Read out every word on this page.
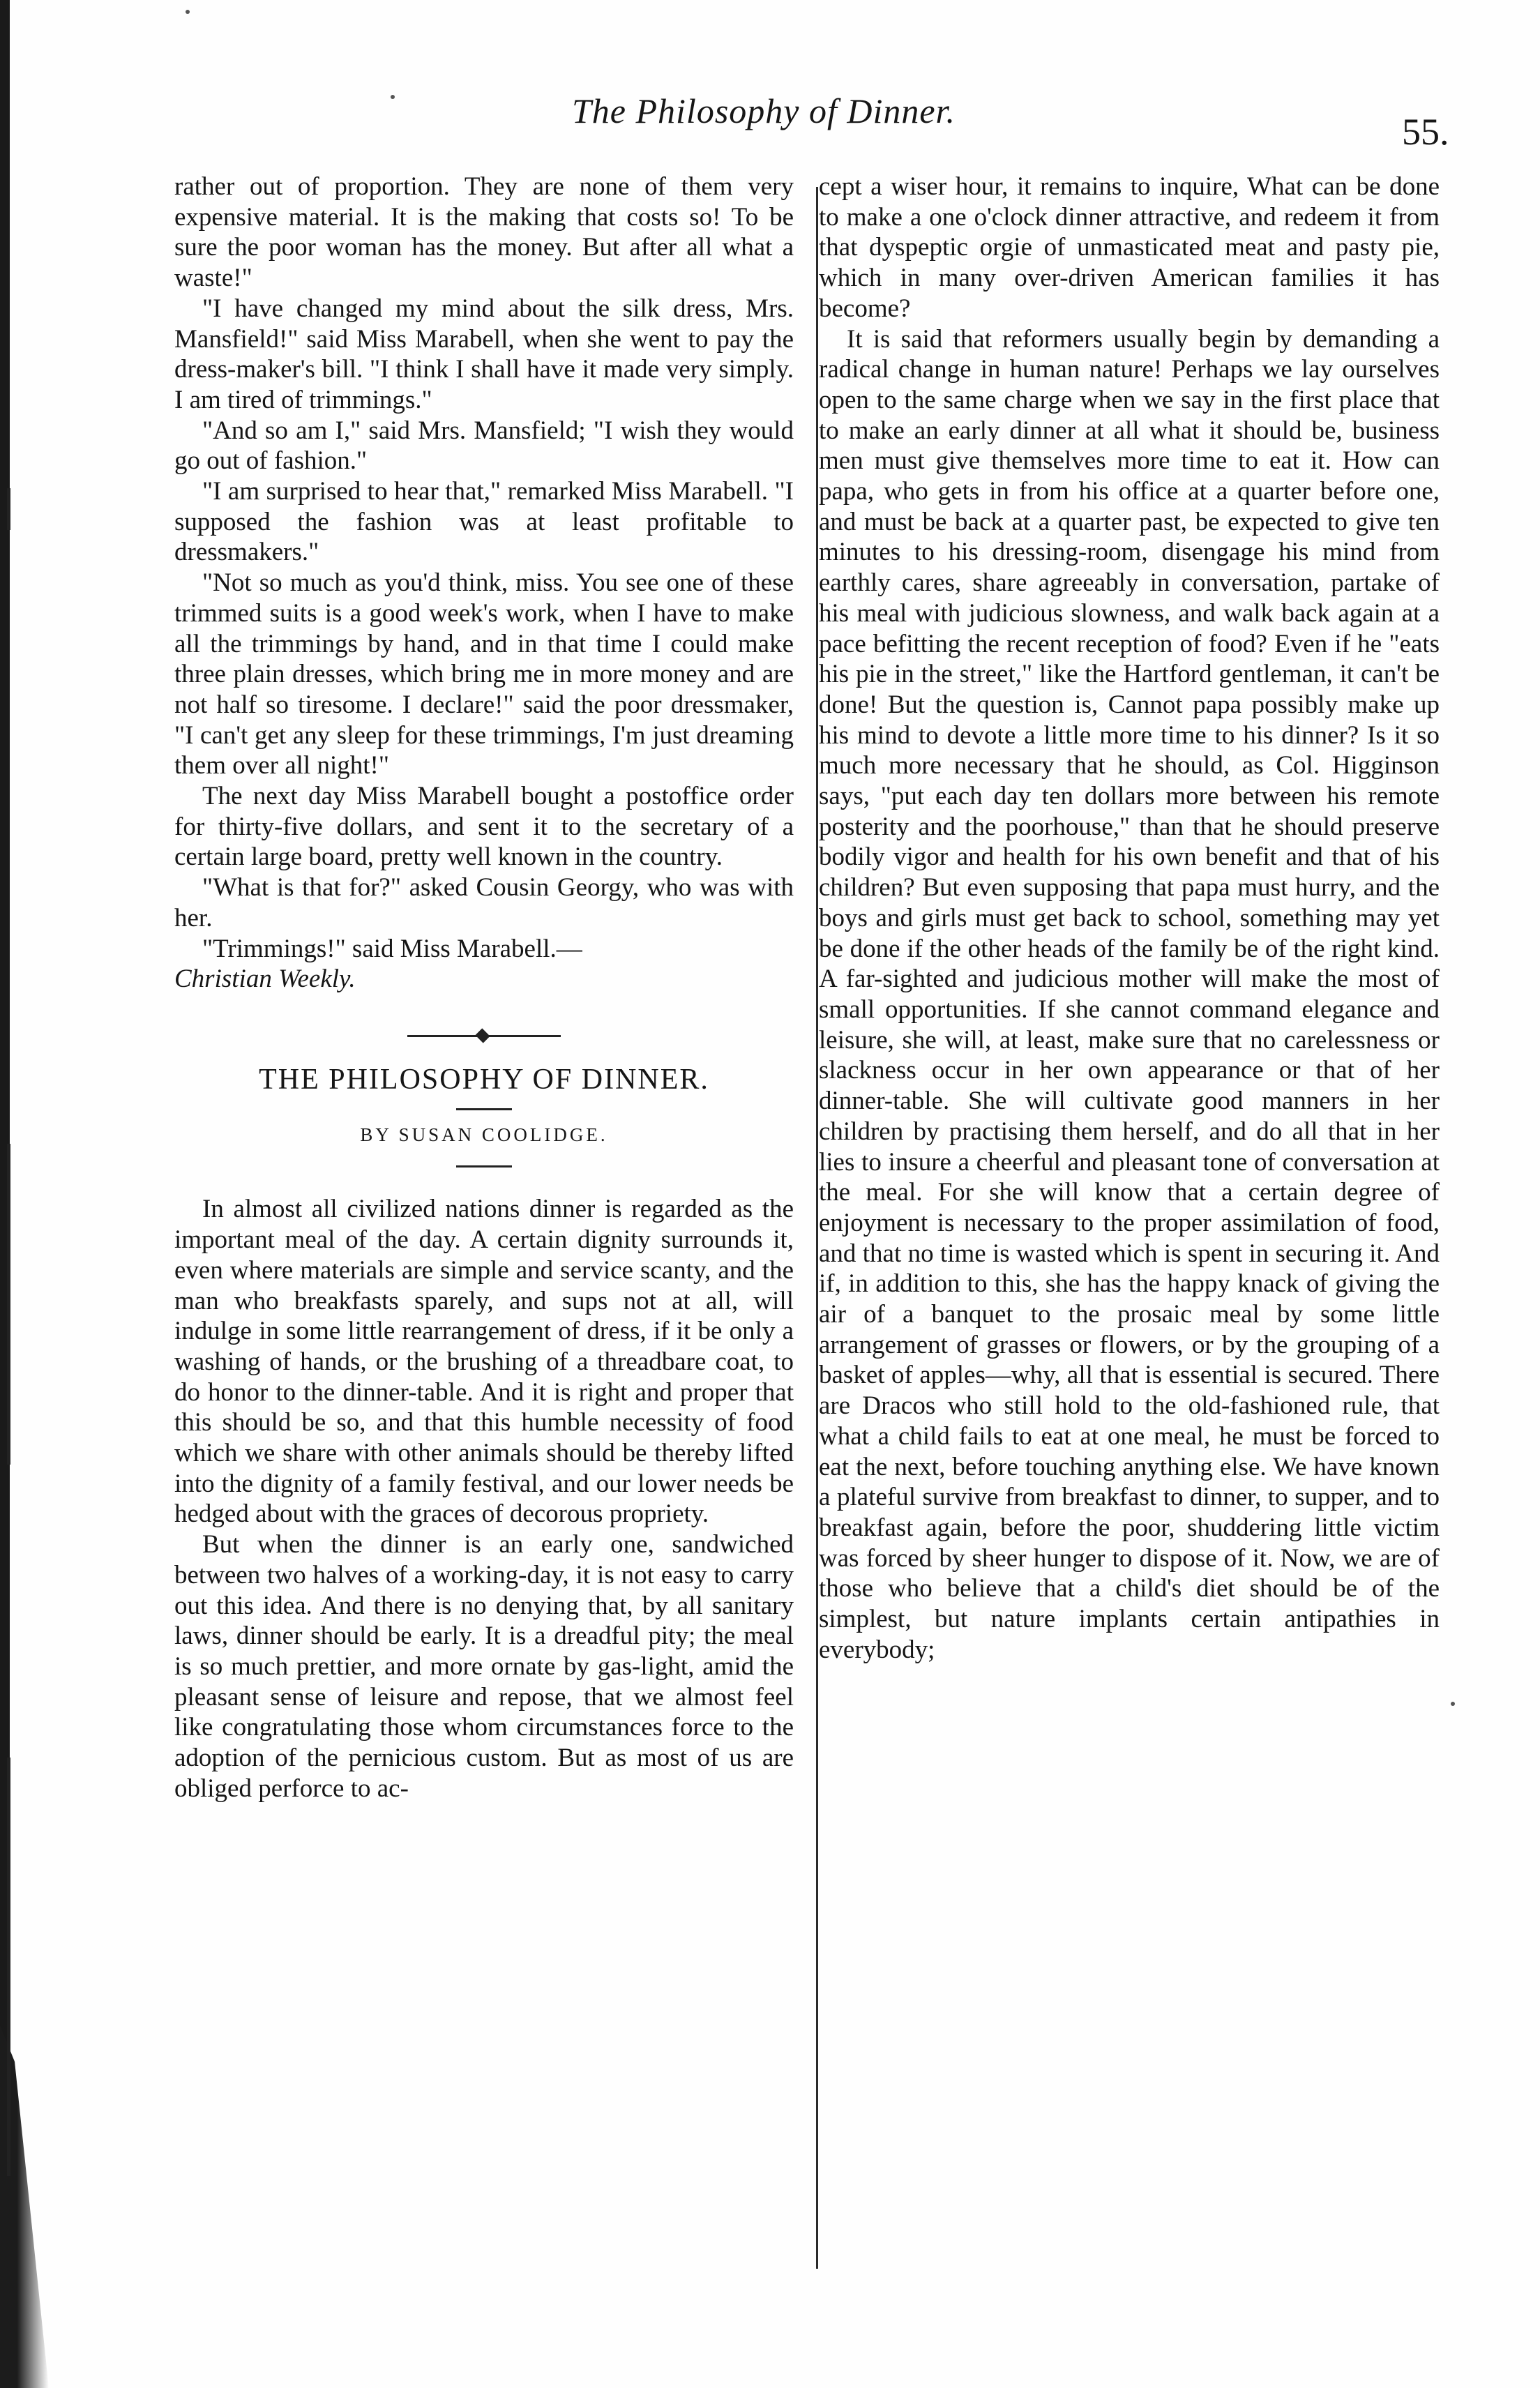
The Philosophy of Dinner.	55.

rather out of proportion. They are none of them very expensive material. It is the making that costs so! To be sure the poor woman has the money. But after all what a waste!"

"I have changed my mind about the silk dress, Mrs. Mansfield!" said Miss Marabell, when she went to pay the dress-maker's bill. "I think I shall have it made very simply. I am tired of trimmings."

"And so am I," said Mrs. Mansfield; "I wish they would go out of fashion."

"I am surprised to hear that," remarked Miss Marabell. "I supposed the fashion was at least profitable to dressmakers."

"Not so much as you'd think, miss. You see one of these trimmed suits is a good week's work, when I have to make all the trimmings by hand, and in that time I could make three plain dresses, which bring me in more money and are not half so tiresome. I declare!" said the poor dressmaker, "I can't get any sleep for these trimmings, I'm just dreaming them over all night!"

The next day Miss Marabell bought a postoffice order for thirty-five dollars, and sent it to the secretary of a certain large board, pretty well known in the country.

"What is that for?" asked Cousin Georgy, who was with her.

"Trimmings!" said Miss Marabell.—
Christian Weekly.

THE PHILOSOPHY OF DINNER.
BY SUSAN COOLIDGE.

In almost all civilized nations dinner is regarded as the important meal of the day. A certain dignity surrounds it, even where materials are simple and service scanty, and the man who breakfasts sparely, and sups not at all, will indulge in some little rearrangement of dress, if it be only a washing of hands, or the brushing of a threadbare coat, to do honor to the dinner-table. And it is right and proper that this should be so, and that this humble necessity of food which we share with other animals should be thereby lifted into the dignity of a family festival, and our lower needs be hedged about with the graces of decorous propriety.

But when the dinner is an early one, sandwiched between two halves of a working-day, it is not easy to carry out this idea. And there is no denying that, by all sanitary laws, dinner should be early. It is a dreadful pity; the meal is so much prettier, and more ornate by gas-light, amid the pleasant sense of leisure and repose, that we almost feel like congratulating those whom circumstances force to the adoption of the pernicious custom. But as most of us are obliged perforce to ac-

cept a wiser hour, it remains to inquire, What can be done to make a one o'clock dinner attractive, and redeem it from that dyspeptic orgie of unmasticated meat and pasty pie, which in many over-driven American families it has become?

It is said that reformers usually begin by demanding a radical change in human nature! Perhaps we lay ourselves open to the same charge when we say in the first place that to make an early dinner at all what it should be, business men must give themselves more time to eat it. How can papa, who gets in from his office at a quarter before one, and must be back at a quarter past, be expected to give ten minutes to his dressing-room, disengage his mind from earthly cares, share agreeably in conversation, partake of his meal with judicious slowness, and walk back again at a pace befitting the recent reception of food? Even if he "eats his pie in the street," like the Hartford gentleman, it can't be done! But the question is, Cannot papa possibly make up his mind to devote a little more time to his dinner? Is it so much more necessary that he should, as Col. Higginson says, "put each day ten dollars more between his remote posterity and the poorhouse," than that he should preserve bodily vigor and health for his own benefit and that of his children? But even supposing that papa must hurry, and the boys and girls must get back to school, something may yet be done if the other heads of the family be of the right kind. A far-sighted and judicious mother will make the most of small opportunities. If she cannot command elegance and leisure, she will, at least, make sure that no carelessness or slackness occur in her own appearance or that of her dinner-table. She will cultivate good manners in her children by practising them herself, and do all that in her lies to insure a cheerful and pleasant tone of conversation at the meal. For she will know that a certain degree of enjoyment is necessary to the proper assimilation of food, and that no time is wasted which is spent in securing it. And if, in addition to this, she has the happy knack of giving the air of a banquet to the prosaic meal by some little arrangement of grasses or flowers, or by the grouping of a basket of apples—why, all that is essential is secured. There are Dracos who still hold to the old-fashioned rule, that what a child fails to eat at one meal, he must be forced to eat the next, before touching anything else. We have known a plateful survive from breakfast to dinner, to supper, and to breakfast again, before the poor, shuddering little victim was forced by sheer hunger to dispose of it. Now, we are of those who believe that a child's diet should be of the simplest, but nature implants certain antipathies in everybody;
